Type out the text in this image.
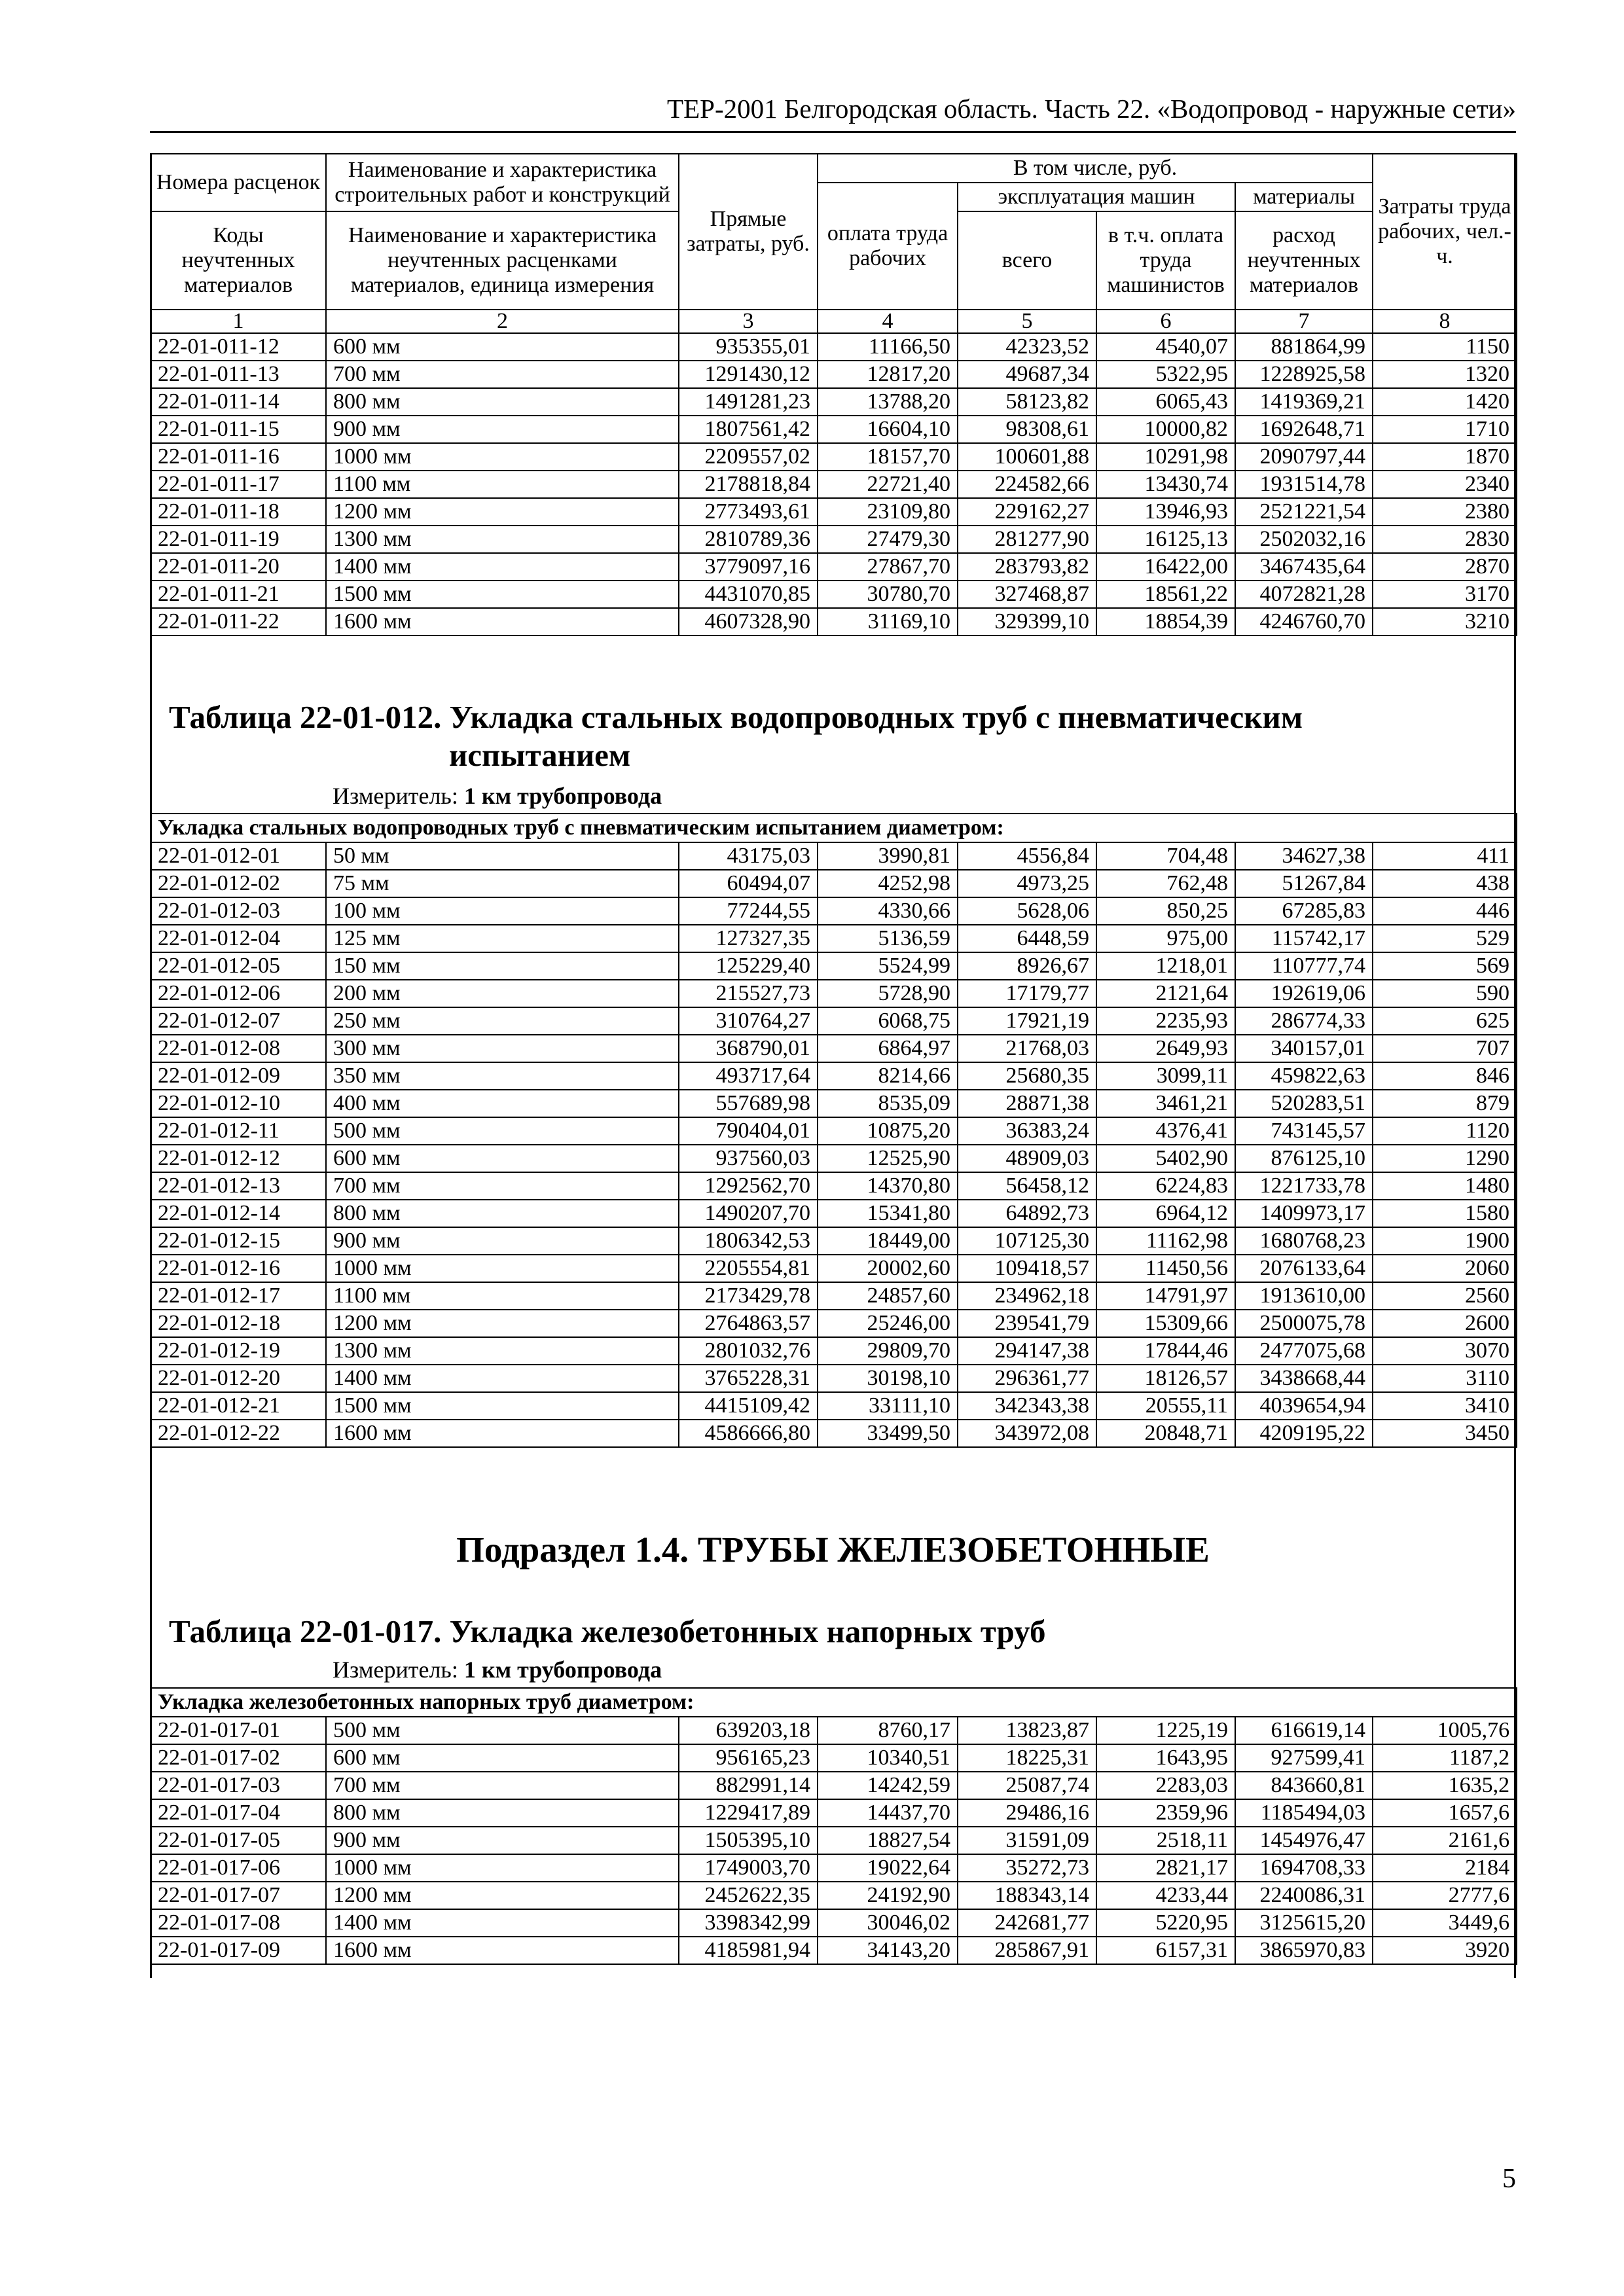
ТЕР-2001 Белгородская область. Часть 22. «Водопровод - наружные сети»
Номера расценок	Наименование и характеристика строительных работ и конструкций	Прямые затраты, руб.	В том числе, руб.				Затраты труда рабочих, чел.-ч.
			оплата труда рабочих	эксплуатация машин		материалы	
Коды неучтенных материалов	Наименование и характеристика неучтенных расценками материалов, единица измерения			всего	в т.ч. оплата труда машинистов	расход неучтенных материалов	

1	2	3	4	5	6	7	8
22-01-011-12	600 мм	935355,01	11166,50	42323,52	4540,07	881864,99	1150
22-01-011-13	700 мм	1291430,12	12817,20	49687,34	5322,95	1228925,58	1320
22-01-011-14	800 мм	1491281,23	13788,20	58123,82	6065,43	1419369,21	1420
22-01-011-15	900 мм	1807561,42	16604,10	98308,61	10000,82	1692648,71	1710
22-01-011-16	1000 мм	2209557,02	18157,70	100601,88	10291,98	2090797,44	1870
22-01-011-17	1100 мм	2178818,84	22721,40	224582,66	13430,74	1931514,78	2340
22-01-011-18	1200 мм	2773493,61	23109,80	229162,27	13946,93	2521221,54	2380
22-01-011-19	1300 мм	2810789,36	27479,30	281277,90	16125,13	2502032,16	2830
22-01-011-20	1400 мм	3779097,16	27867,70	283793,82	16422,00	3467435,64	2870
22-01-011-21	1500 мм	4431070,85	30780,70	327468,87	18561,22	4072821,28	3170
22-01-011-22	1600 мм	4607328,90	31169,10	329399,10	18854,39	4246760,70	3210
Таблица 22-01-012. Укладка стальных водопроводных труб с пневматическим
испытанием
Измеритель: 1 км трубопровода
Укладка стальных водопроводных труб с пневматическим испытанием диаметром:							
22-01-012-01	50 мм	43175,03	3990,81	4556,84	704,48	34627,38	411
22-01-012-02	75 мм	60494,07	4252,98	4973,25	762,48	51267,84	438
22-01-012-03	100 мм	77244,55	4330,66	5628,06	850,25	67285,83	446
22-01-012-04	125 мм	127327,35	5136,59	6448,59	975,00	115742,17	529
22-01-012-05	150 мм	125229,40	5524,99	8926,67	1218,01	110777,74	569
22-01-012-06	200 мм	215527,73	5728,90	17179,77	2121,64	192619,06	590
22-01-012-07	250 мм	310764,27	6068,75	17921,19	2235,93	286774,33	625
22-01-012-08	300 мм	368790,01	6864,97	21768,03	2649,93	340157,01	707
22-01-012-09	350 мм	493717,64	8214,66	25680,35	3099,11	459822,63	846
22-01-012-10	400 мм	557689,98	8535,09	28871,38	3461,21	520283,51	879
22-01-012-11	500 мм	790404,01	10875,20	36383,24	4376,41	743145,57	1120
22-01-012-12	600 мм	937560,03	12525,90	48909,03	5402,90	876125,10	1290
22-01-012-13	700 мм	1292562,70	14370,80	56458,12	6224,83	1221733,78	1480
22-01-012-14	800 мм	1490207,70	15341,80	64892,73	6964,12	1409973,17	1580
22-01-012-15	900 мм	1806342,53	18449,00	107125,30	11162,98	1680768,23	1900
22-01-012-16	1000 мм	2205554,81	20002,60	109418,57	11450,56	2076133,64	2060
22-01-012-17	1100 мм	2173429,78	24857,60	234962,18	14791,97	1913610,00	2560
22-01-012-18	1200 мм	2764863,57	25246,00	239541,79	15309,66	2500075,78	2600
22-01-012-19	1300 мм	2801032,76	29809,70	294147,38	17844,46	2477075,68	3070
22-01-012-20	1400 мм	3765228,31	30198,10	296361,77	18126,57	3438668,44	3110
22-01-012-21	1500 мм	4415109,42	33111,10	342343,38	20555,11	4039654,94	3410
22-01-012-22	1600 мм	4586666,80	33499,50	343972,08	20848,71	4209195,22	3450
Подраздел 1.4. ТРУБЫ ЖЕЛЕЗОБЕТОННЫЕ
Таблица 22-01-017. Укладка железобетонных напорных труб
Измеритель: 1 км трубопровода
Укладка железобетонных напорных труб диаметром:							
22-01-017-01	500 мм	639203,18	8760,17	13823,87	1225,19	616619,14	1005,76
22-01-017-02	600 мм	956165,23	10340,51	18225,31	1643,95	927599,41	1187,2
22-01-017-03	700 мм	882991,14	14242,59	25087,74	2283,03	843660,81	1635,2
22-01-017-04	800 мм	1229417,89	14437,70	29486,16	2359,96	1185494,03	1657,6
22-01-017-05	900 мм	1505395,10	18827,54	31591,09	2518,11	1454976,47	2161,6
22-01-017-06	1000 мм	1749003,70	19022,64	35272,73	2821,17	1694708,33	2184
22-01-017-07	1200 мм	2452622,35	24192,90	188343,14	4233,44	2240086,31	2777,6
22-01-017-08	1400 мм	3398342,99	30046,02	242681,77	5220,95	3125615,20	3449,6
22-01-017-09	1600 мм	4185981,94	34143,20	285867,91	6157,31	3865970,83	3920
5
